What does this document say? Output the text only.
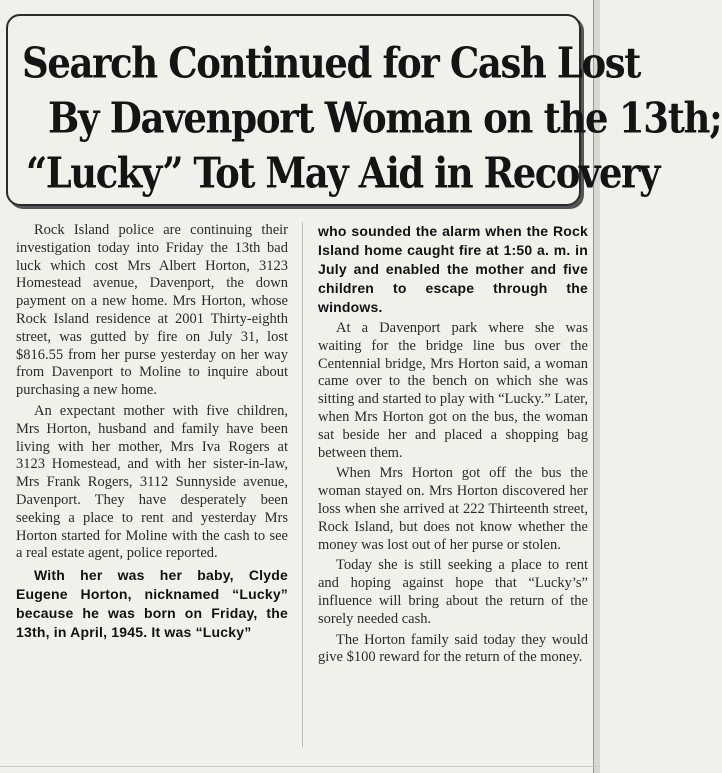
Search Continued for Cash Lost
By Davenport Woman on the 13th;
“Lucky” Tot May Aid in Recovery

Rock Island police are continuing their investigation today into Friday the 13th bad luck which cost Mrs Albert Horton, 3123 Homestead avenue, Davenport, the down payment on a new home. Mrs Horton, whose Rock Island residence at 2001 Thirty-eighth street, was gutted by fire on July 31, lost $816.55 from her purse yesterday on her way from Davenport to Moline to inquire about purchasing a new home.

An expectant mother with five children, Mrs Horton, husband and family have been living with her mother, Mrs Iva Rogers at 3123 Homestead, and with her sister-in-law, Mrs Frank Rogers, 3112 Sunnyside avenue, Davenport. They have desperately been seeking a place to rent and yesterday Mrs Horton started for Moline with the cash to see a real estate agent, police reported.

With her was her baby, Clyde Eugene Horton, nicknamed “Lucky” because he was born on Friday, the 13th, in April, 1945. It was “Lucky”

who sounded the alarm when the Rock Island home caught fire at 1:50 a. m. in July and enabled the mother and five children to escape through the windows.

At a Davenport park where she was waiting for the bridge line bus over the Centennial bridge, Mrs Horton said, a woman came over to the bench on which she was sitting and started to play with “Lucky.” Later, when Mrs Horton got on the bus, the woman sat beside her and placed a shopping bag between them.

When Mrs Horton got off the bus the woman stayed on. Mrs Horton discovered her loss when she arrived at 222 Thirteenth street, Rock Island, but does not know whether the money was lost out of her purse or stolen.

Today she is still seeking a place to rent and hoping against hope that “Lucky’s” influence will bring about the return of the sorely needed cash.

The Horton family said today they would give $100 reward for the return of the money.
